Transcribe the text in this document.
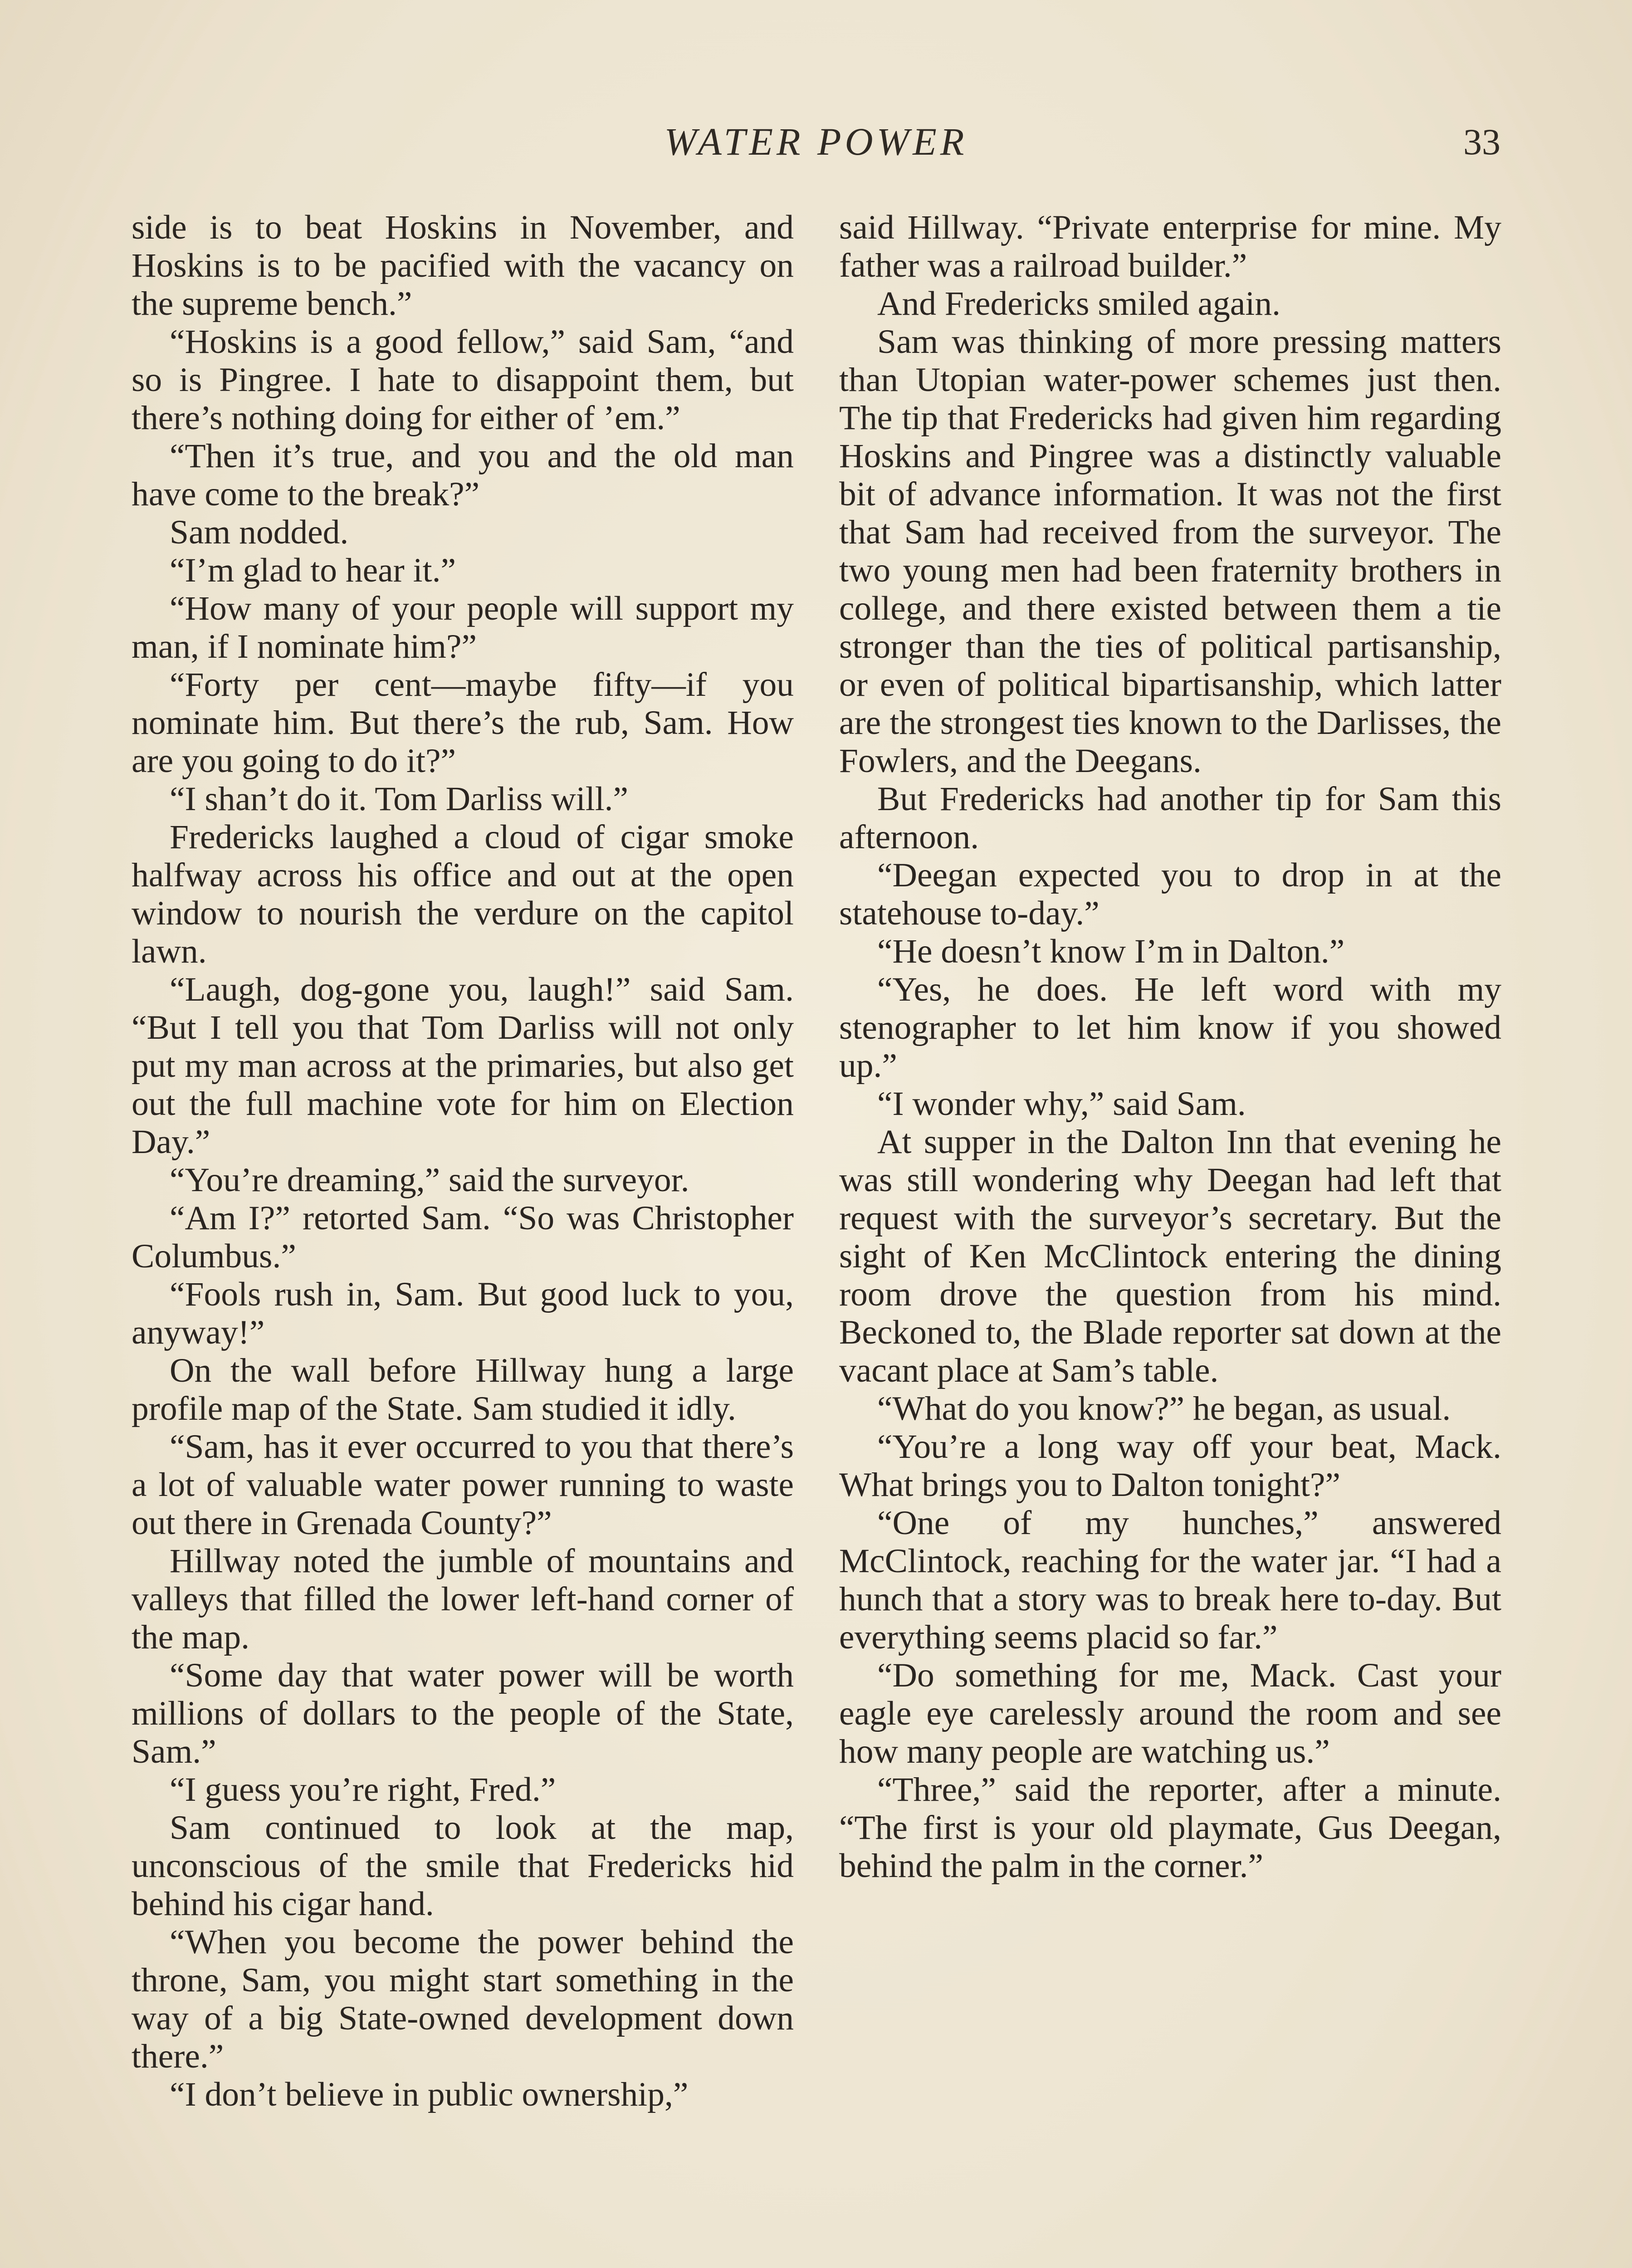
WATER POWER	33

side is to beat Hoskins in November, and Hoskins is to be pacified with the vacancy on the supreme bench.”

“Hoskins is a good fellow,” said Sam, “and so is Pingree. I hate to disappoint them, but there’s nothing doing for either of ’em.”

“Then it’s true, and you and the old man have come to the break?”

Sam nodded.

“I’m glad to hear it.”

“How many of your people will support my man, if I nominate him?”

“Forty per cent—maybe fifty—if you nominate him. But there’s the rub, Sam. How are you going to do it?”

“I shan’t do it. Tom Darliss will.”

Fredericks laughed a cloud of cigar smoke halfway across his office and out at the open window to nourish the verdure on the capitol lawn.

“Laugh, dog-gone you, laugh!” said Sam. “But I tell you that Tom Darliss will not only put my man across at the primaries, but also get out the full machine vote for him on Election Day.”

“You’re dreaming,” said the surveyor.

“Am I?” retorted Sam. “So was Christopher Columbus.”

“Fools rush in, Sam. But good luck to you, anyway!”

On the wall before Hillway hung a large profile map of the State. Sam studied it idly.

“Sam, has it ever occurred to you that there’s a lot of valuable water power running to waste out there in Grenada County?”

Hillway noted the jumble of mountains and valleys that filled the lower left-hand corner of the map.

“Some day that water power will be worth millions of dollars to the people of the State, Sam.”

“I guess you’re right, Fred.”

Sam continued to look at the map, unconscious of the smile that Fredericks hid behind his cigar hand.

“When you become the power behind the throne, Sam, you might start something in the way of a big State-owned development down there.”

“I don’t believe in public ownership,”

said Hillway. “Private enterprise for mine. My father was a railroad builder.”

And Fredericks smiled again.

Sam was thinking of more pressing matters than Utopian water-power schemes just then. The tip that Fredericks had given him regarding Hoskins and Pingree was a distinctly valuable bit of advance information. It was not the first that Sam had received from the surveyor. The two young men had been fraternity brothers in college, and there existed between them a tie stronger than the ties of political partisanship, or even of political bipartisanship, which latter are the strongest ties known to the Darlisses, the Fowlers, and the Deegans.

But Fredericks had another tip for Sam this afternoon.

“Deegan expected you to drop in at the statehouse to-day.”

“He doesn’t know I’m in Dalton.”

“Yes, he does. He left word with my stenographer to let him know if you showed up.”

“I wonder why,” said Sam.

At supper in the Dalton Inn that evening he was still wondering why Deegan had left that request with the surveyor’s secretary. But the sight of Ken McClintock entering the dining room drove the question from his mind. Beckoned to, the Blade reporter sat down at the vacant place at Sam’s table.

“What do you know?” he began, as usual.

“You’re a long way off your beat, Mack. What brings you to Dalton tonight?”

“One of my hunches,” answered McClintock, reaching for the water jar. “I had a hunch that a story was to break here to-day. But everything seems placid so far.”

“Do something for me, Mack. Cast your eagle eye carelessly around the room and see how many people are watching us.”

“Three,” said the reporter, after a minute. “The first is your old playmate, Gus Deegan, behind the palm in the corner.”
